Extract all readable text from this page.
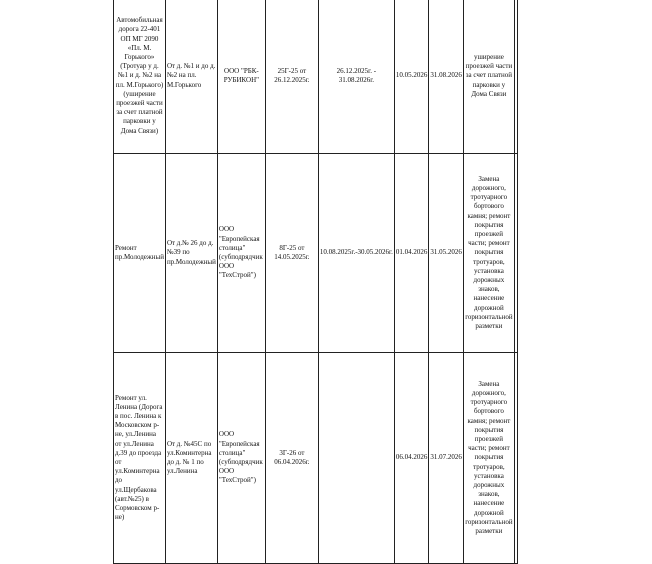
Автомобильная дорога 22-401 ОП МГ 2090 «Пл. М. Горького» (Тротуар у д. №1 и д. №2 на пл. М.Горького) (уширение проезжей части за счет платной парковки у Дома Связи)	От д. №1 и до д. №2 на пл. М.Горького	ООО "РБК-РУБИКОН"	25Г-25 от 26.12.2025г.	26.12.2025г. - 31.08.2026г.	10.05.2026	31.08.2026	уширение проезжей части за счет платной парковки у Дома Связи	
Ремонт пр.Молодежный	От д.№ 26 до д.№39 по пр.Молодежный	ООО "Европейская столица" (субподрядчик ООО "ТехСтрой")	8Г-25 от 14.05.2025г.	10.08.2025г.-30.05.2026г.	01.04.2026	31.05.2026	Замена дорожного, тротуарного бортового камня; ремонт покрытия проезжей части; ремонт покрытия тротуаров, установка дорожных знаков, нанесение дорожной горизонтальной разметки	
Ремонт ул. Ленина (Дорога в пос. Ленина к Московском р-не, ул.Ленина от ул.Ленина д.39 до проезда от ул.Коминтерна до ул.Щербакова (авт.№25) в Сормовском р-не)	От д. №45С по ул.Коминтерна до д. № 1 по ул.Ленина	ООО "Европейская столица" (субподрядчик ООО "ТехСтрой")	3Г-26 от 06.04.2026г.		06.04.2026	31.07.2026	Замена дорожного, тротуарного бортового камня; ремонт покрытия проезжей части; ремонт покрытия тротуаров, установка дорожных знаков, нанесение дорожной горизонтальной разметки	
